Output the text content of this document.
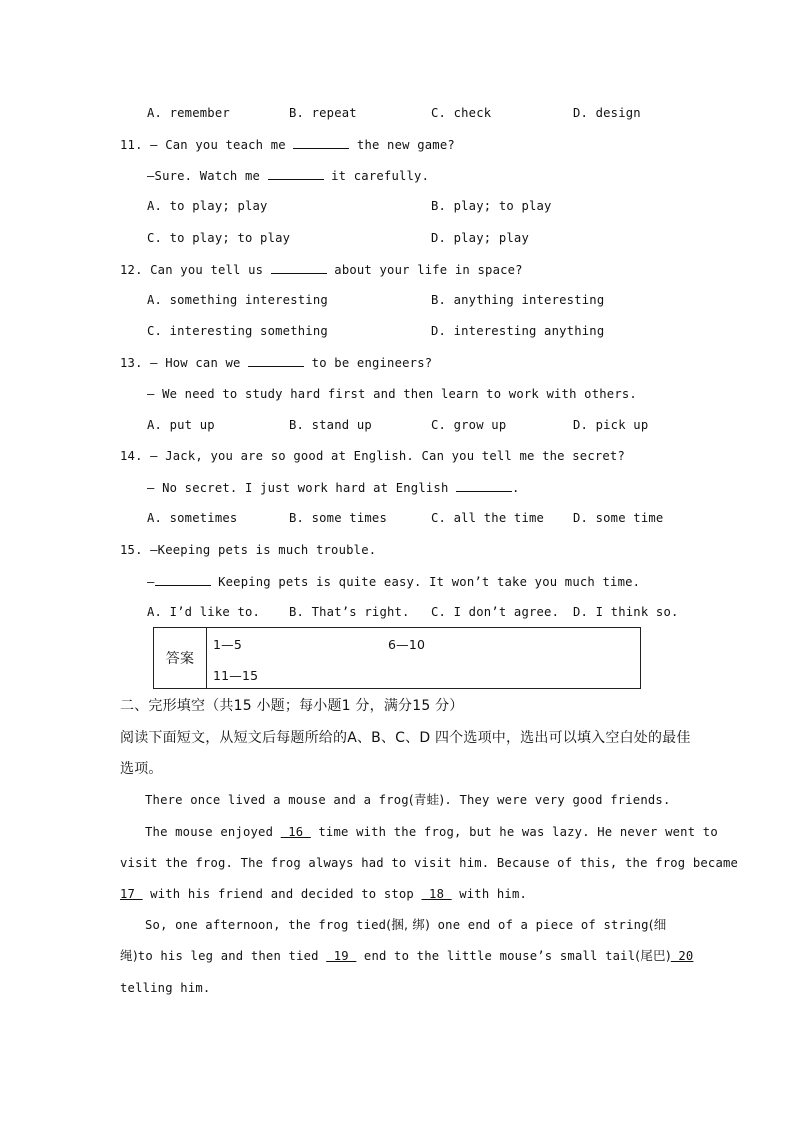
A. remember	B. repeat	C. check	D. design
11. — Can you teach me	the new game?
—Sure. Watch me	it carefully.
A. to play; play	B. play; to play
C. to play; to play	D. play; play
12. Can you tell us	about your life in space?
A. something interesting	B. anything interesting
C. interesting something	D. interesting anything
13. — How can we	to be engineers?
— We need to study hard first and then learn to work with others.
A. put up	B. stand up	C. grow up	D. pick up
14. — Jack, you are so good at English. Can you tell me the secret?
— No secret. I just work hard at English	.
A. sometimes	B. some times	C. all the time D. some time
15. —Keeping pets is much trouble.
—	Keeping pets is quite easy. It won’t take you much time.
A. I’d like to. B. That’s right. C. I don’t agree. D. I think so.
答案	
1—5	6—10
11—15
二、完形填空（共15 小题；每小题1 分，满分15 分）
阅读下面短文，从短文后每题所给的A、B、C、D 四个选项中，选出可以填入空白处的最佳
选项。
There once lived a mouse and a frog(青蛙). They were very good friends.
The mouse enjoyed  16  time with the frog, but he was lazy. He never went to
visit the frog. The frog always had to visit him. Because of this, the frog became
17  with his friend and decided to stop  18  with him.
So, one afternoon, the frog tied(捆, 绑) one end of a piece of string(细
绳)to his leg and then tied  19  end to the little mouse’s small tail(尾巴) 20
telling him.
